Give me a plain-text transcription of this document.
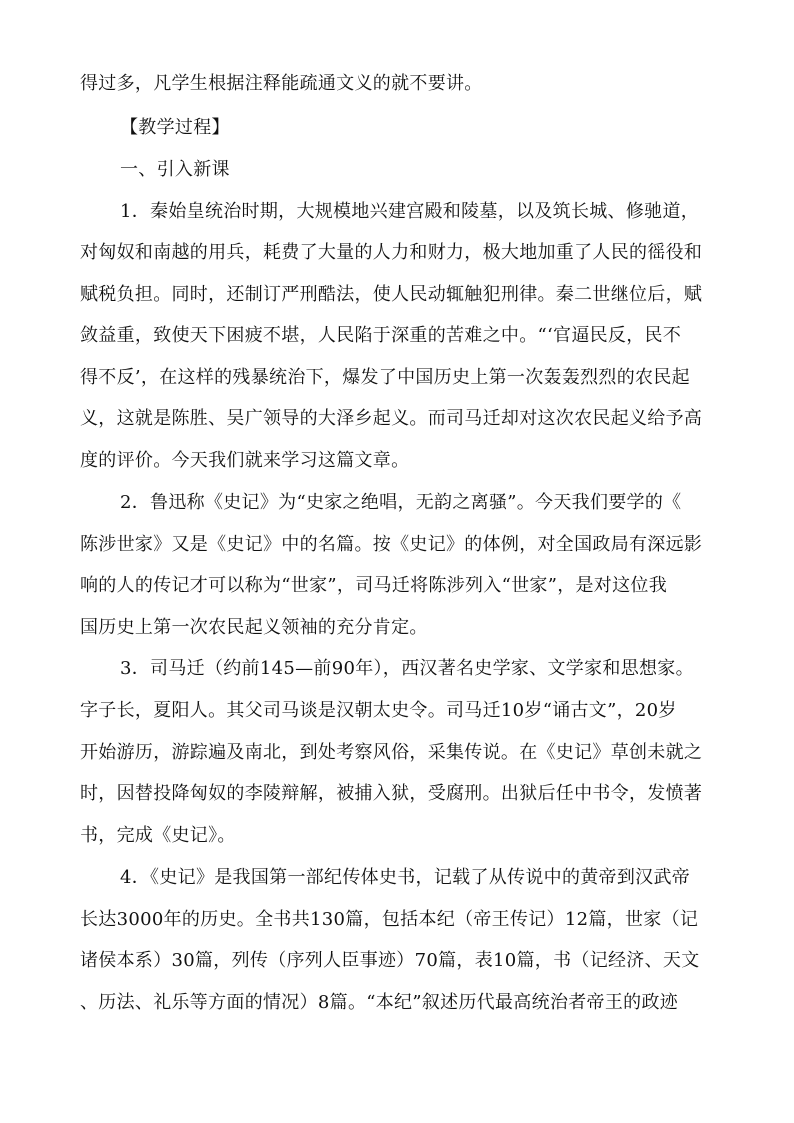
得过多，凡学生根据注释能疏通文义的就不要讲。
【教学过程】
一、引入新课
1．秦始皇统治时期，大规模地兴建宫殿和陵墓，以及筑长城、修驰道，
对匈奴和南越的用兵，耗费了大量的人力和财力，极大地加重了人民的徭役和
赋税负担。同时，还制订严刑酷法，使人民动辄触犯刑律。秦二世继位后，赋
敛益重，致使天下困疲不堪，人民陷于深重的苦难之中。“‘官逼民反，民不
得不反’，在这样的残暴统治下，爆发了中国历史上第一次轰轰烈烈的农民起
义，这就是陈胜、吴广领导的大泽乡起义。而司马迁却对这次农民起义给予高
度的评价。今天我们就来学习这篇文章。
2．鲁迅称《史记》为“史家之绝唱，无韵之离骚”。今天我们要学的《
陈涉世家》又是《史记》中的名篇。按《史记》的体例，对全国政局有深远影
响的人的传记才可以称为“世家”，司马迁将陈涉列入“世家”，是对这位我
国历史上第一次农民起义领袖的充分肯定。
3．司马迁（约前145—前90年），西汉著名史学家、文学家和思想家。
字子长，夏阳人。其父司马谈是汉朝太史令。司马迁10岁“诵古文”，20岁
开始游历，游踪遍及南北，到处考察风俗，采集传说。在《史记》草创未就之
时，因替投降匈奴的李陵辩解，被捕入狱，受腐刑。出狱后任中书令，发愤著
书，完成《史记》。
4．《史记》是我国第一部纪传体史书，记载了从传说中的黄帝到汉武帝
长达3000年的历史。全书共130篇，包括本纪（帝王传记）12篇，世家（记
诸侯本系）30篇，列传（序列人臣事迹）70篇，表10篇，书（记经济、天文
、历法、礼乐等方面的情况）8篇。“本纪”叙述历代最高统治者帝王的政迹
